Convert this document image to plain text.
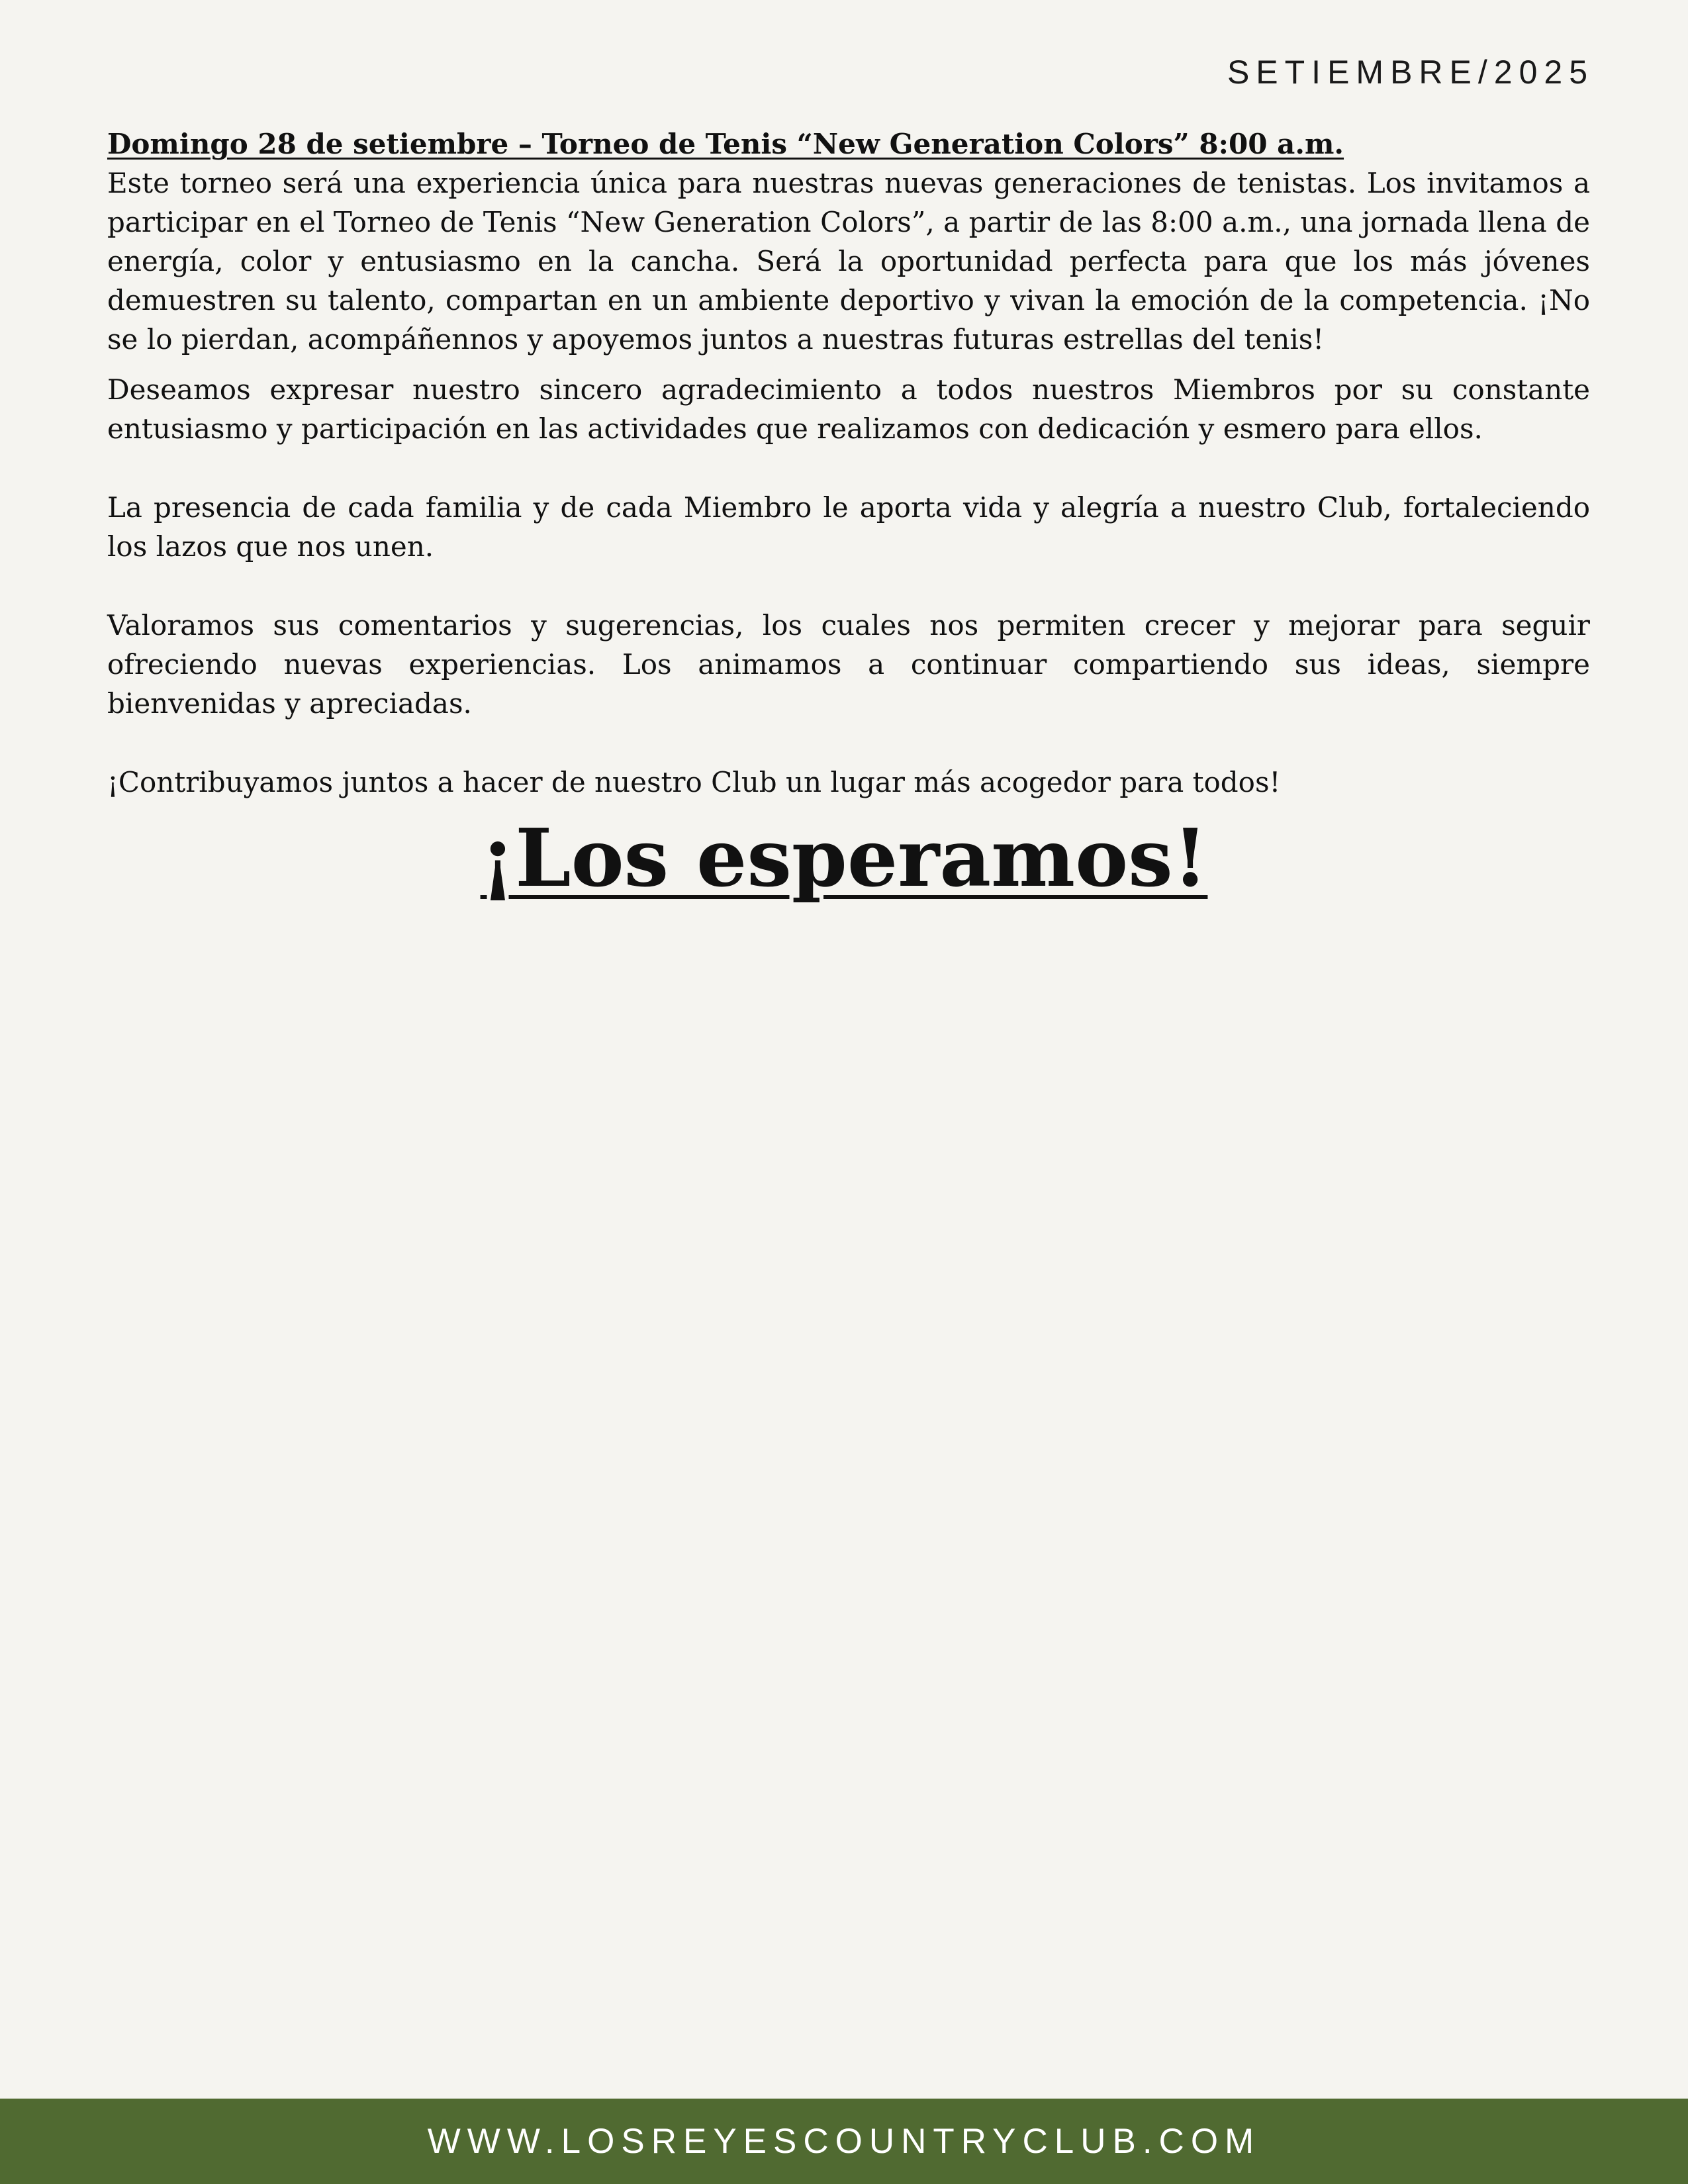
SETIEMBRE/2025

Domingo 28 de setiembre – Torneo de Tenis “New Generation Colors” 8:00 a.m.

Este torneo será una experiencia única para nuestras nuevas generaciones de tenistas. Los invitamos a participar en el Torneo de Tenis “New Generation Colors”, a partir de las 8:00 a.m., una jornada llena de energía, color y entusiasmo en la cancha. Será la oportunidad perfecta para que los más jóvenes demuestren su talento, compartan en un ambiente deportivo y vivan la emoción de la competencia. ¡No se lo pierdan, acompáñennos y apoyemos juntos a nuestras futuras estrellas del tenis!

Deseamos expresar nuestro sincero agradecimiento a todos nuestros Miembros por su constante entusiasmo y participación en las actividades que realizamos con dedicación y esmero para ellos.

La presencia de cada familia y de cada Miembro le aporta vida y alegría a nuestro Club, fortaleciendo los lazos que nos unen.

Valoramos sus comentarios y sugerencias, los cuales nos permiten crecer y mejorar para seguir ofreciendo nuevas experiencias. Los animamos a continuar compartiendo sus ideas, siempre bienvenidas y apreciadas.

¡Contribuyamos juntos a hacer de nuestro Club un lugar más acogedor para todos!

¡Los esperamos!
WWW.LOSREYESCOUNTRYCLUB.COM
